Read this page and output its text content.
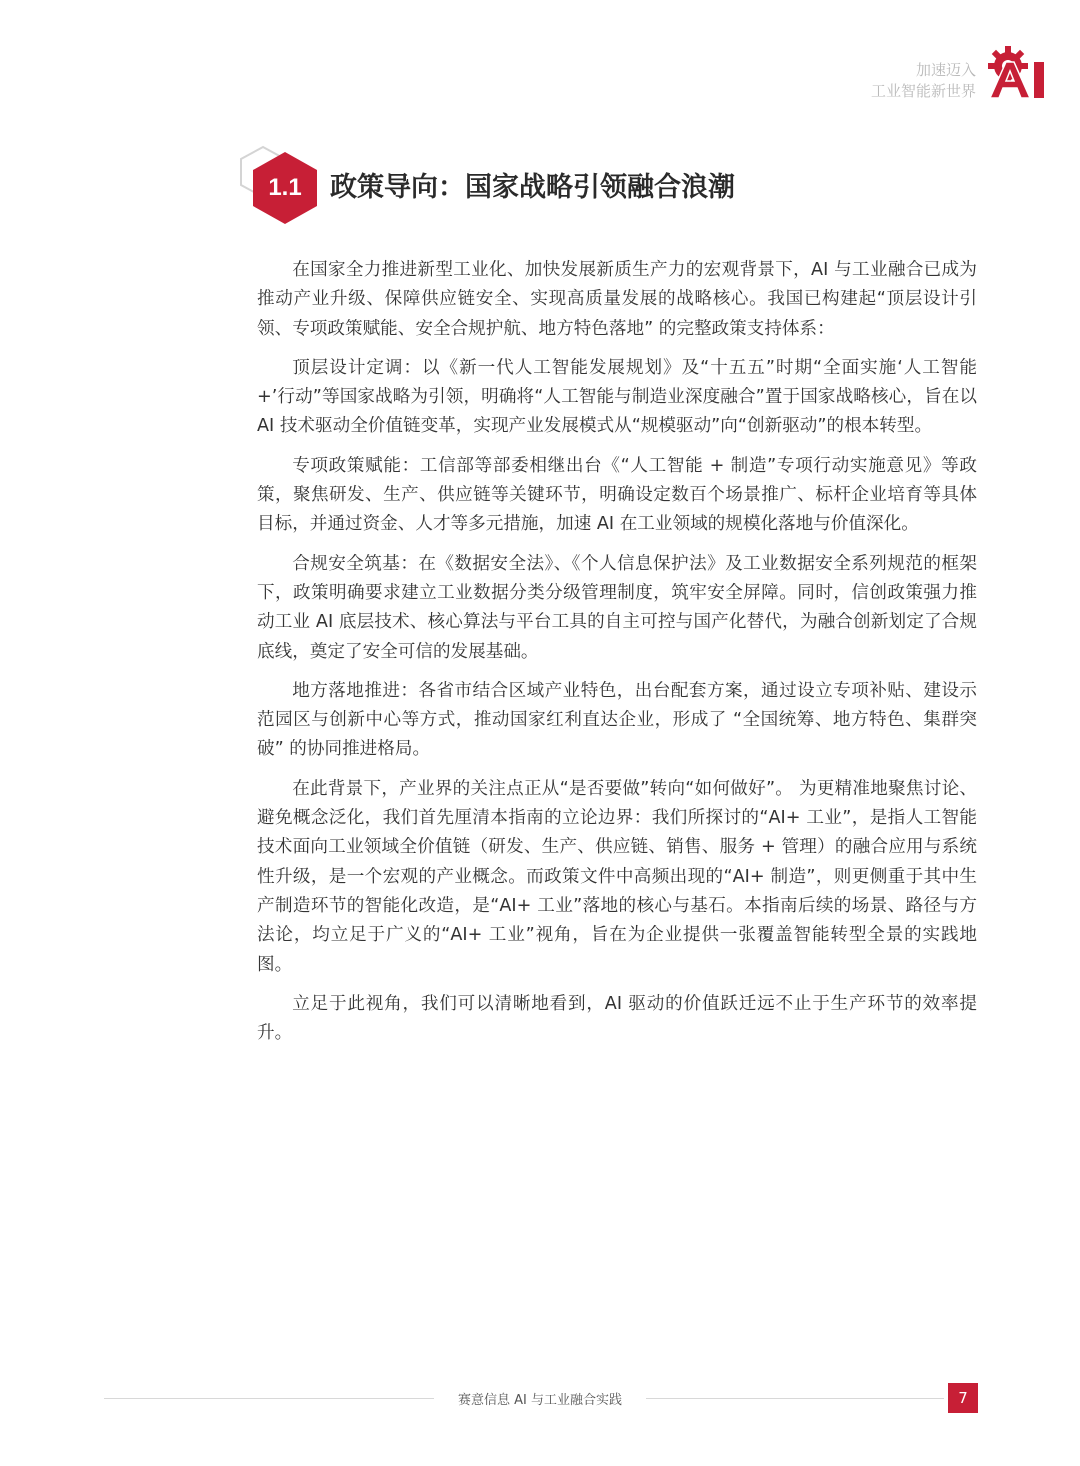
加速迈入
工业智能新世界
1.1	政策导向：国家战略引领融合浪潮

在国家全力推进新型工业化、加快发展新质生产力的宏观背景下，AI 与工业融合已成为推动产业升级、保障供应链安全、实现高质量发展的战略核心。我国已构建起“顶层设计引领、专项政策赋能、安全合规护航、地方特色落地” 的完整政策支持体系：

顶层设计定调：以《新一代人工智能发展规划》及“十五五”时期“全面实施‘人工智能 +’行动”等国家战略为引领，明确将“人工智能与制造业深度融合”置于国家战略核心，旨在以 AI 技术驱动全价值链变革，实现产业发展模式从“规模驱动”向“创新驱动”的根本转型。

专项政策赋能：工信部等部委相继出台《“人工智能 + 制造”专项行动实施意见》等政策，聚焦研发、生产、供应链等关键环节，明确设定数百个场景推广、标杆企业培育等具体目标，并通过资金、人才等多元措施，加速 AI 在工业领域的规模化落地与价值深化。

合规安全筑基：在《数据安全法》、《个人信息保护法》及工业数据安全系列规范的框架下，政策明确要求建立工业数据分类分级管理制度，筑牢安全屏障。同时，信创政策强力推动工业 AI 底层技术、核心算法与平台工具的自主可控与国产化替代，为融合创新划定了合规底线，奠定了安全可信的发展基础。

地方落地推进：各省市结合区域产业特色，出台配套方案，通过设立专项补贴、建设示范园区与创新中心等方式，推动国家红利直达企业，形成了 “全国统筹、地方特色、集群突破” 的协同推进格局。

在此背景下，产业界的关注点正从“是否要做”转向“如何做好”。 为更精准地聚焦讨论、避免概念泛化，我们首先厘清本指南的立论边界：我们所探讨的“AI+ 工业”，是指人工智能技术面向工业领域全价值链（研发、生产、供应链、销售、服务 + 管理）的融合应用与系统性升级，是一个宏观的产业概念。而政策文件中高频出现的“AI+ 制造”，则更侧重于其中生产制造环节的智能化改造，是“AI+ 工业”落地的核心与基石。本指南后续的场景、路径与方法论，均立足于广义的“AI+ 工业”视角，旨在为企业提供一张覆盖智能转型全景的实践地图。

立足于此视角，我们可以清晰地看到，AI 驱动的价值跃迁远不止于生产环节的效率提升。

赛意信息 AI 与工业融合实践	7
